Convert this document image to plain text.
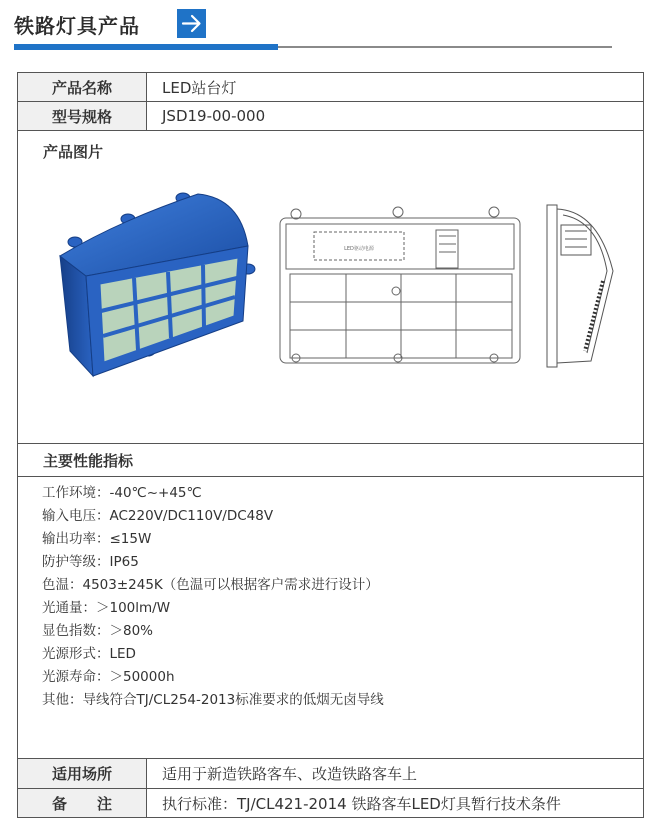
铁路灯具产品
产品名称	LED站台灯
型号规格	JSD19-00-000
产品图片
LED驱动电源
主要性能指标
工作环境：-40℃~+45℃
输入电压：AC220V/DC110V/DC48V
输出功率：≤15W
防护等级：IP65
色温：4503±245K（色温可以根据客户需求进行设计）
光通量：＞100lm/W
显色指数：＞80%
光源形式：LED
光源寿命：＞50000h
其他：导线符合TJ/CL254-2013标准要求的低烟无卤导线
适用场所	适用于新造铁路客车、改造铁路客车上
备　　注	执行标准：TJ/CL421-2014 铁路客车LED灯具暂行技术条件
